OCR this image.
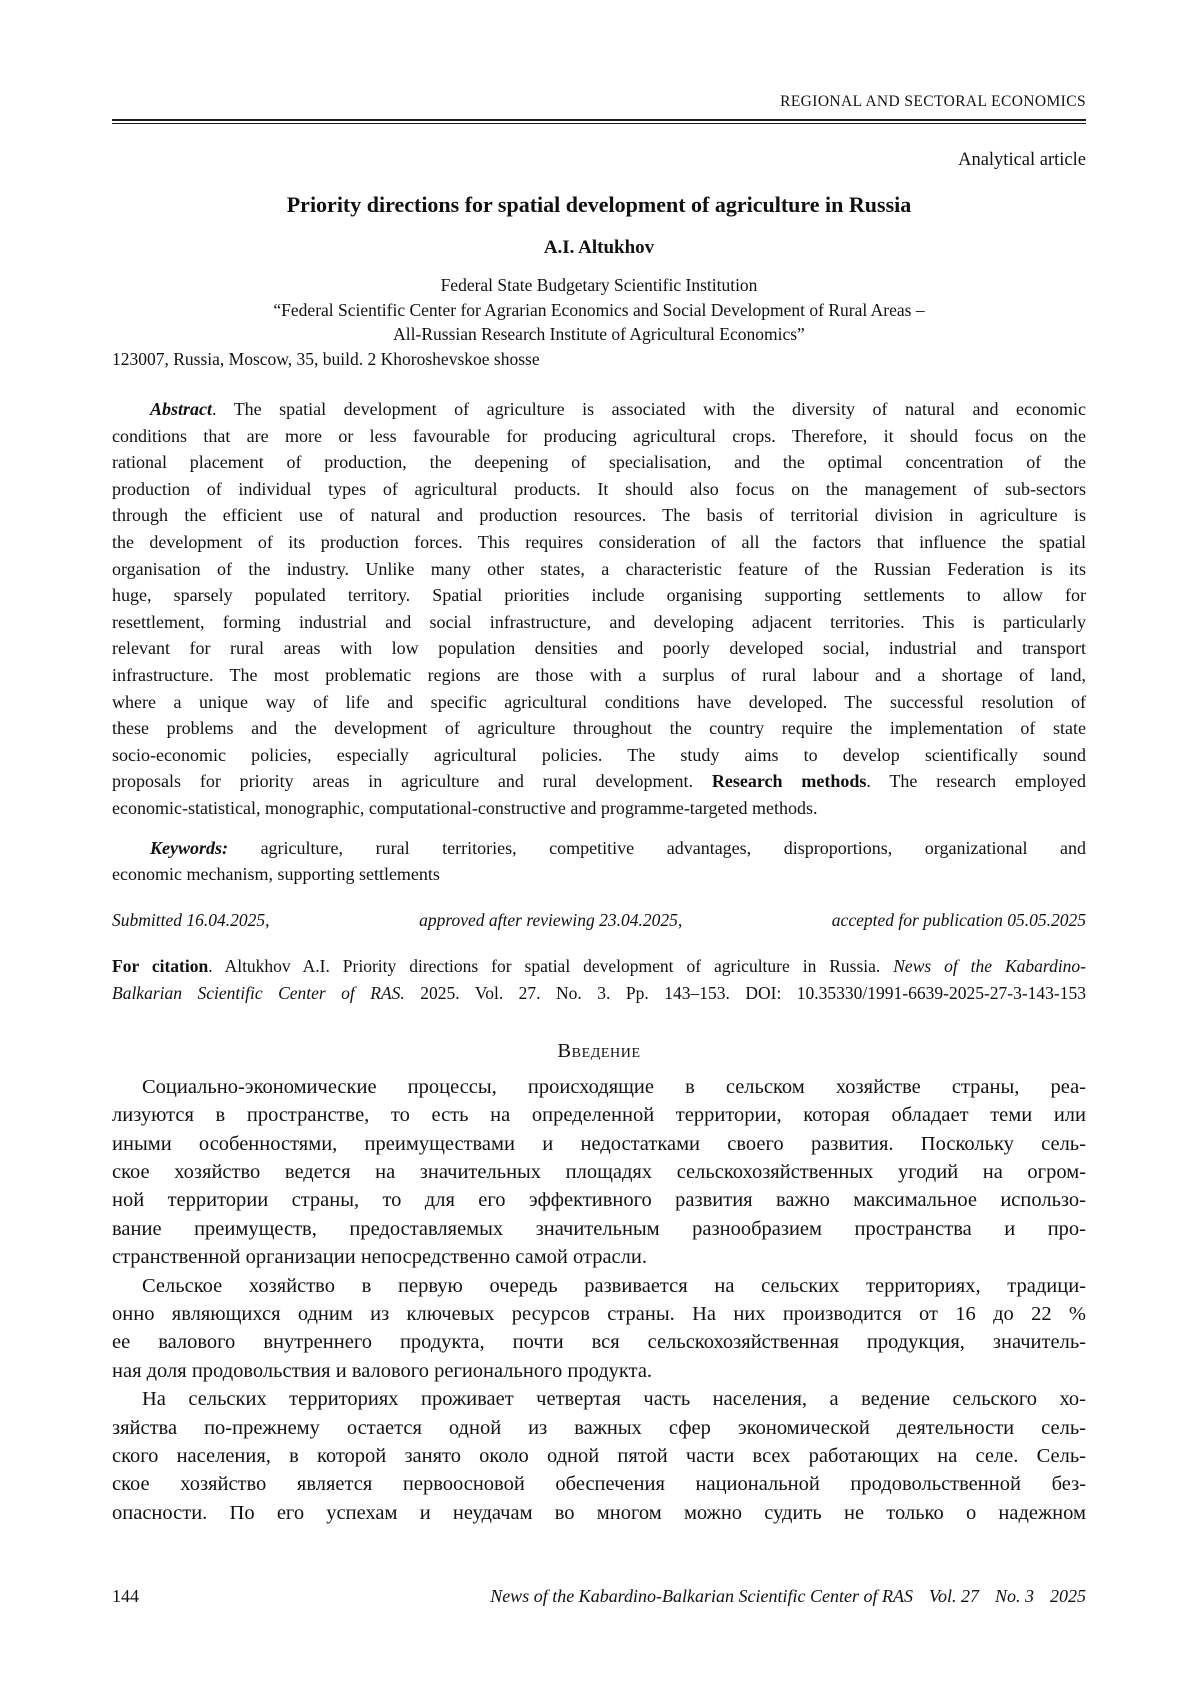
REGIONAL AND SECTORAL ECONOMICS
Analytical article
Priority directions for spatial development of agriculture in Russia
A.I. Altukhov
Federal State Budgetary Scientific Institution
“Federal Scientific Center for Agrarian Economics and Social Development of Rural Areas –
All-Russian Research Institute of Agricultural Economics”
123007, Russia, Moscow, 35, build. 2 Khoroshevskoe shosse
Abstract. The spatial development of agriculture is associated with the diversity of natural and economic
conditions that are more or less favourable for producing agricultural crops. Therefore, it should focus on the
rational placement of production, the deepening of specialisation, and the optimal concentration of the
production of individual types of agricultural products. It should also focus on the management of sub-sectors
through the efficient use of natural and production resources. The basis of territorial division in agriculture is
the development of its production forces. This requires consideration of all the factors that influence the spatial
organisation of the industry. Unlike many other states, a characteristic feature of the Russian Federation is its
huge, sparsely populated territory. Spatial priorities include organising supporting settlements to allow for
resettlement, forming industrial and social infrastructure, and developing adjacent territories. This is particularly
relevant for rural areas with low population densities and poorly developed social, industrial and transport
infrastructure. The most problematic regions are those with a surplus of rural labour and a shortage of land,
where a unique way of life and specific agricultural conditions have developed. The successful resolution of
these problems and the development of agriculture throughout the country require the implementation of state
socio-economic policies, especially agricultural policies. The study aims to develop scientifically sound
proposals for priority areas in agriculture and rural development. Research methods. The research employed
economic-statistical, monographic, computational-constructive and programme-targeted methods.
Keywords: agriculture, rural territories, competitive advantages, disproportions, organizational and
economic mechanism, supporting settlements
Submitted 16.04.2025,	approved after reviewing 23.04.2025,	accepted for publication 05.05.2025
For citation. Altukhov A.I. Priority directions for spatial development of agriculture in Russia. News of the Kabardino-
Balkarian Scientific Center of RAS. 2025. Vol. 27. No. 3. Pp. 143–153. DOI: 10.35330/1991-6639-2025-27-3-143-153
Введение
Социально-экономические процессы, происходящие в сельском хозяйстве страны, реа-
лизуются в пространстве, то есть на определенной территории, которая обладает теми или
иными особенностями, преимуществами и недостатками своего развития. Поскольку сель-
ское хозяйство ведется на значительных площадях сельскохозяйственных угодий на огром-
ной территории страны, то для его эффективного развития важно максимальное использо-
вание преимуществ, предоставляемых значительным разнообразием пространства и про-
странственной организации непосредственно самой отрасли.
Сельское хозяйство в первую очередь развивается на сельских территориях, традици-
онно являющихся одним из ключевых ресурсов страны. На них производится от 16 до 22 %
ее валового внутреннего продукта, почти вся сельскохозяйственная продукция, значитель-
ная доля продовольствия и валового регионального продукта.
На сельских территориях проживает четвертая часть населения, а ведение сельского хо-
зяйства по-прежнему остается одной из важных сфер экономической деятельности сель-
ского населения, в которой занято около одной пятой части всех работающих на селе. Сель-
ское хозяйство является первоосновой обеспечения национальной продовольственной без-
опасности. По его успехам и неудачам во многом можно судить не только о надежном
144	News of the Kabardino-Balkarian Scientific Center of RAS Vol. 27 No. 3 2025
